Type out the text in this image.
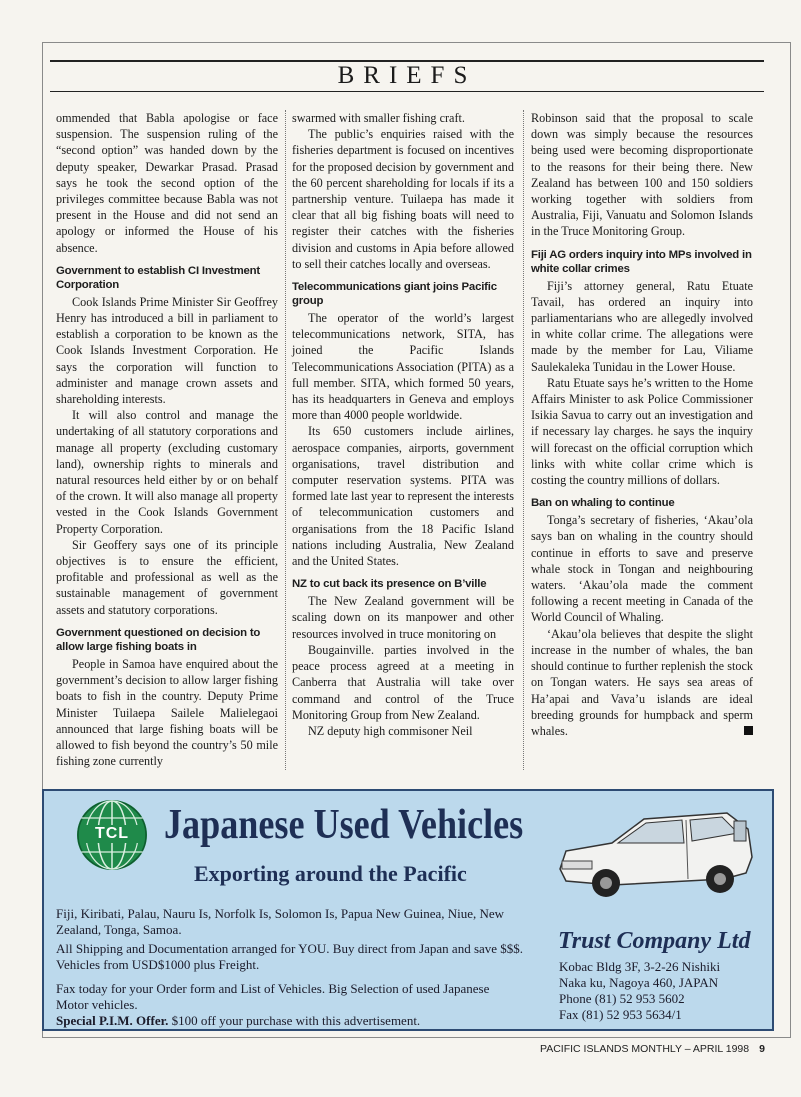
BRIEFS

ommended that Babla apologise or face suspension. The suspension ruling of the “second option” was handed down by the deputy speaker, Dewarkar Prasad. Prasad says he took the second option of the privileges committee because Babla was not present in the House and did not send an apology or informed the House of his absence.

Government to establish CI Investment Corporation

Cook Islands Prime Minister Sir Geoffrey Henry has introduced a bill in parliament to establish a corporation to be known as the Cook Islands Investment Corporation. He says the corporation will function to administer and manage crown assets and shareholding interests.

It will also control and manage the undertaking of all statutory corporations and manage all property (excluding customary land), ownership rights to minerals and natural resources held either by or on behalf of the crown. It will also manage all property vested in the Cook Islands Government Property Corporation.

Sir Geoffery says one of its principle objectives is to ensure the efficient, profitable and professional as well as the sustainable management of government assets and statutory corporations.

Government questioned on decision to allow large fishing boats in

People in Samoa have enquired about the government’s decision to allow larger fishing boats to fish in the country. Deputy Prime Minister Tuilaepa Sailele Malielegaoi announced that large fishing boats will be allowed to fish beyond the country’s 50 mile fishing zone currently

swarmed with smaller fishing craft.

The public’s enquiries raised with the fisheries department is focused on incentives for the proposed decision by government and the 60 percent shareholding for locals if its a partnership venture. Tuilaepa has made it clear that all big fishing boats will need to register their catches with the fisheries division and customs in Apia before allowed to sell their catches locally and overseas.

Telecommunications giant joins Pacific group

The operator of the world’s largest telecommunications network, SITA, has joined the Pacific Islands Telecommunications Association (PITA) as a full member. SITA, which formed 50 years, has its headquarters in Geneva and employs more than 4000 people worldwide.

Its 650 customers include airlines, aerospace companies, airports, government organisations, travel distribution and computer reservation systems. PITA was formed late last year to represent the interests of telecommunication customers and organisations from the 18 Pacific Island nations including Australia, New Zealand and the United States.

NZ to cut back its presence on B’ville

The New Zealand government will be scaling down on its manpower and other resources involved in truce monitoring on

Bougainville. parties involved in the peace process agreed at a meeting in Canberra that Australia will take over command and control of the Truce Monitoring Group from New Zealand.

NZ deputy high commisoner Neil

Robinson said that the proposal to scale down was simply because the resources being used were becoming disproportionate to the reasons for their being there. New Zealand has between 100 and 150 soldiers working together with soldiers from Australia, Fiji, Vanuatu and Solomon Islands in the Truce Monitoring Group.

Fiji AG orders inquiry into MPs involved in white collar crimes

Fiji’s attorney general, Ratu Etuate Tavail, has ordered an inquiry into parliamentarians who are allegedly involved in white collar crime. The allegations were made by the member for Lau, Viliame Saulekaleka Tunidau in the Lower House.

Ratu Etuate says he’s written to the Home Affairs Minister to ask Police Commissioner Isikia Savua to carry out an investigation and if necessary lay charges. he says the inquiry will forecast on the official corruption which links with white collar crime which is costing the country millions of dollars.

Ban on whaling to continue

Tonga’s secretary of fisheries, ‘Akau’ola says ban on whaling in the country should continue in efforts to save and preserve whale stock in Tongan and neighbouring waters. ‘Akau’ola made the comment following a recent meeting in Canada of the World Council of Whaling.

‘Akau’ola believes that despite the slight increase in the number of whales, the ban should continue to further replenish the stock on Tongan waters. He says sea areas of Ha’apai and Vava’u islands are ideal breeding grounds for humpback and sperm whales.

TCL Japanese Used Vehicles
Exporting around the Pacific
Fiji, Kiribati, Palau, Nauru Is, Norfolk Is, Solomon Is, Papua New Guinea, Niue, New Zealand, Tonga, Samoa.
All Shipping and Documentation arranged for YOU. Buy direct from Japan and save $$$. Vehicles from USD$1000 plus Freight.
Fax today for your Order form and List of Vehicles. Big Selection of used Japanese Motor vehicles.
Special P.I.M. Offer. $100 off your purchase with this advertisement.
Trust Company Ltd
Kobac Bldg 3F, 3-2-26 Nishiki
Naka ku, Nagoya 460, JAPAN
Phone (81) 52 953 5602
Fax (81) 52 953 5634/1
PACIFIC ISLANDS MONTHLY – APRIL 1998 9
